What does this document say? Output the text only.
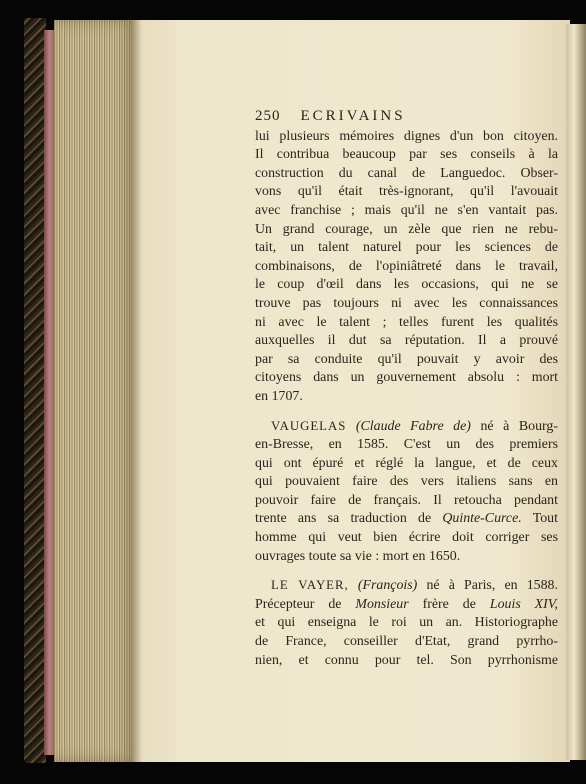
250 ECRIVAINS
lui plusieurs mémoires dignes d'un bon citoyen.
Il contribua beaucoup par ses conseils à la
construction du canal de Languedoc. Obser-
vons qu'il était très-ignorant, qu'il l'avouait
avec franchise ; mais qu'il ne s'en vantait pas.
Un grand courage, un zèle que rien ne rebu-
tait, un talent naturel pour les sciences de
combinaisons, de l'opiniâtreté dans le travail,
le coup d'œil dans les occasions, qui ne se
trouve pas toujours ni avec les connaissances
ni avec le talent ; telles furent les qualités
auxquelles il dut sa réputation. Il a prouvé
par sa conduite qu'il pouvait y avoir des
citoyens dans un gouvernement absolu : mort
en 1707.
VAUGELAS (Claude Fabre de) né à Bourg-
en-Bresse, en 1585. C'est un des premiers
qui ont épuré et réglé la langue, et de ceux
qui pouvaient faire des vers italiens sans en
pouvoir faire de français. Il retoucha pendant
trente ans sa traduction de Quinte-Curce. Tout
homme qui veut bien écrire doit corriger ses
ouvrages toute sa vie : mort en 1650.
LE VAYER, (François) né à Paris, en 1588.
Précepteur de Monsieur frère de Louis XIV,
et qui enseigna le roi un an. Historiographe
de France, conseiller d'Etat, grand pyrrho-
nien, et connu pour tel. Son pyrrhonisme
